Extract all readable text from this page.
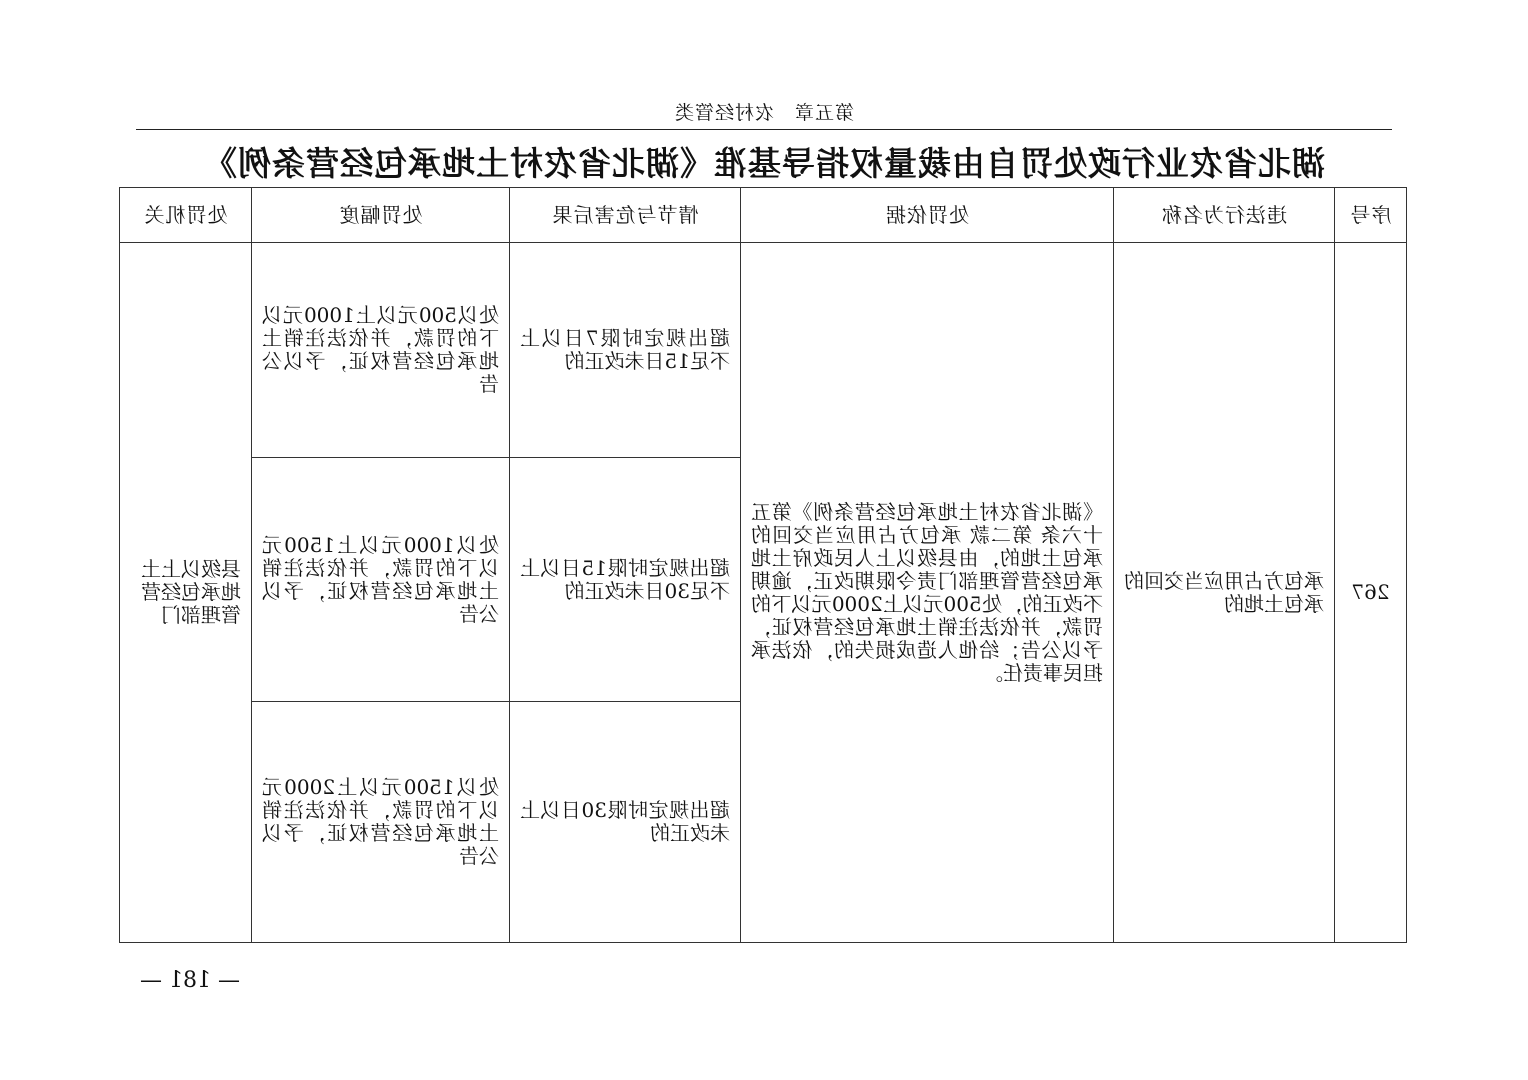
第五章　农村经管类
湖北省农业行政处罚自由裁量权指导基准《湖北省农村土地承包经营条例》
序号	违法行为名称	处罚依据	情节与危害后果	处罚幅度	处罚机关
267	承包方占用应当交回的承包土地的	《湖北省农村土地承包经营条例》第五十六条 第二款 承包方占用应当交回的承包土地的，由县级以上人民政府土地承包经营管理部门责令限期改正，逾期不改正的，处500元以上2000元以下的罚款，并依法注销土地承包经营权证，予以公告；给他人造成损失的，依法承担民事责任。	超出规定时限7日以上不足15日未改正的	处以500元以上1000元以下的罚款，并依法注销土地承包经营权证，予以公告	县级以上土地承包经营管理部门
			超出规定时限15日以上不足30日未改正的	处以1000元以上1500元以下的罚款，并依法注销土地承包经营权证，予以公告	
			超出规定时限30日以上未改正的	处以1500元以上2000元以下的罚款，并依法注销土地承包经营权证，予以公告	
— 181 —
